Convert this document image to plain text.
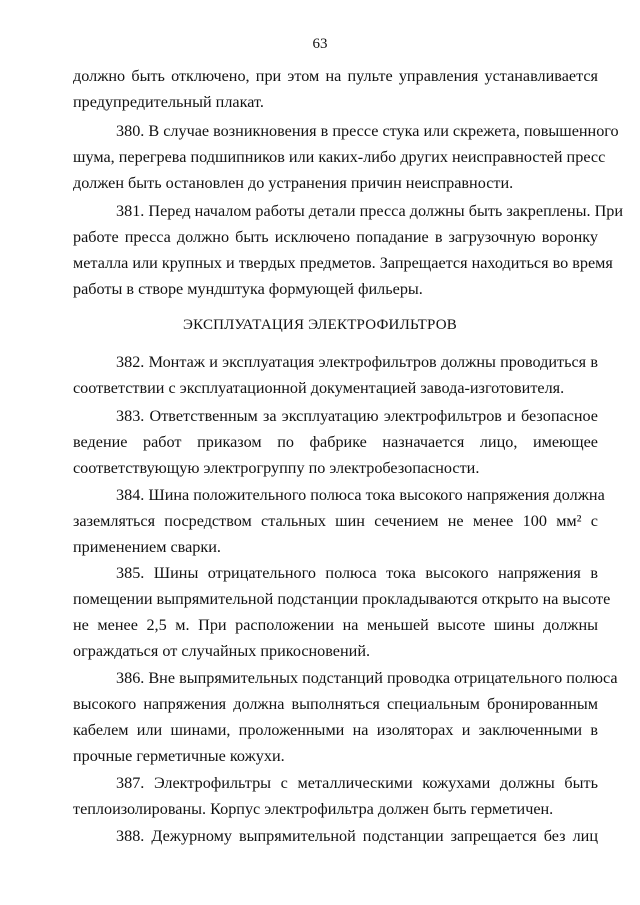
63
должно быть отключено, при этом на пульте управления устанавливается
предупредительный плакат.
380. В случае возникновения в прессе стука или скрежета, повышенного
шума, перегрева подшипников или каких-либо других неисправностей пресс
должен быть остановлен до устранения причин неисправности.
381. Перед началом работы детали пресса должны быть закреплены. При
работе пресса должно быть исключено попадание в загрузочную воронку
металла или крупных и твердых предметов. Запрещается находиться во время
работы в створе мундштука формующей фильеры.
ЭКСПЛУАТАЦИЯ ЭЛЕКТРОФИЛЬТРОВ
382. Монтаж и эксплуатация электрофильтров должны проводиться в
соответствии с эксплуатационной документацией завода-изготовителя.
383. Ответственным за эксплуатацию электрофильтров и безопасное
ведение работ приказом по фабрике назначается лицо, имеющее
соответствующую электрогруппу по электробезопасности.
384. Шина положительного полюса тока высокого напряжения должна
заземляться посредством стальных шин сечением не менее 100 мм² с
применением сварки.
385. Шины отрицательного полюса тока высокого напряжения в
помещении выпрямительной подстанции прокладываются открыто на высоте
не менее 2,5 м. При расположении на меньшей высоте шины должны
ограждаться от случайных прикосновений.
386. Вне выпрямительных подстанций проводка отрицательного полюса
высокого напряжения должна выполняться специальным бронированным
кабелем или шинами, проложенными на изоляторах и заключенными в
прочные герметичные кожухи.
387. Электрофильтры с металлическими кожухами должны быть
теплоизолированы. Корпус электрофильтра должен быть герметичен.
388. Дежурному выпрямительной подстанции запрещается без лиц
